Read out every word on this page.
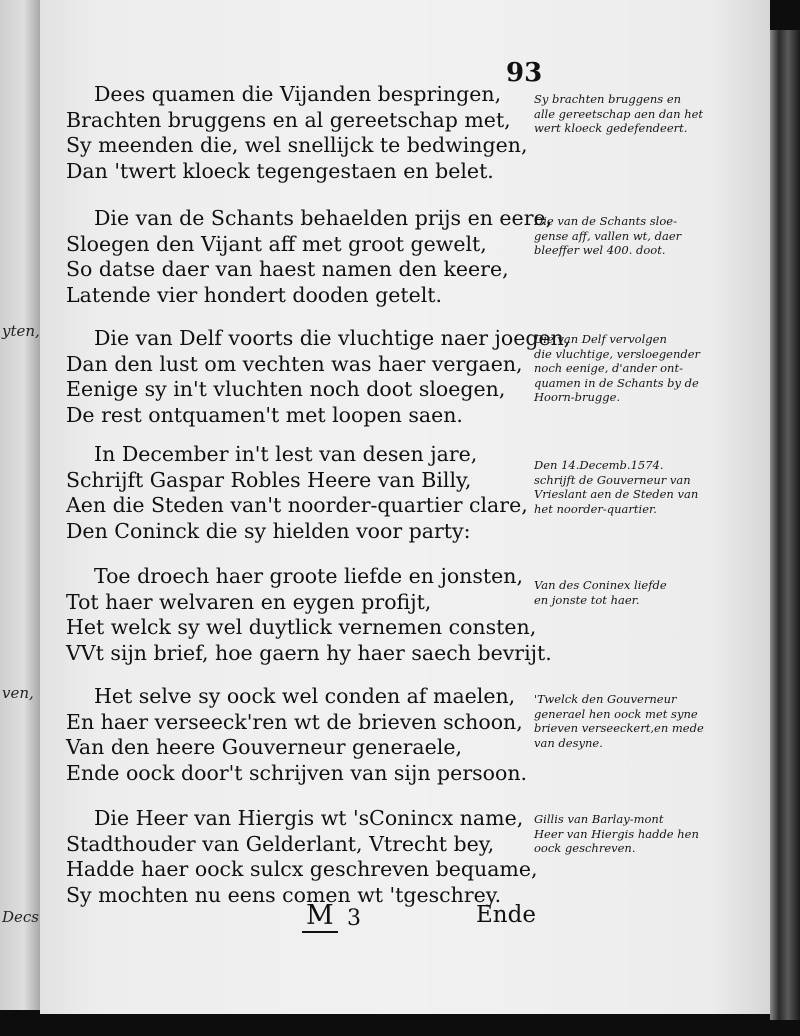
yten,
ven,
Decs
93
Dees quamen die Vijanden bespringen,
Brachten bruggens en al gereetschap met,
Sy meenden die, wel snellijck te bedwingen,
Dan 'twert kloeck tegengestaen en belet.
Sy brachten bruggens en
alle gereetschap aen dan het
wert kloeck gedefendeert.
Die van de Schants behaelden prijs en eere,
Sloegen den Vijant aff met groot gewelt,
So datse daer van haest namen den keere,
Latende vier hondert dooden getelt.
Die van de Schants sloe-
gense aff, vallen wt, daer
bleeffer wel 400. doot.
Die van Delf voorts die vluchtige naer joegen,
Dan den lust om vechten was haer vergaen,
Eenige sy in't vluchten noch doot sloegen,
De rest ontquamen't met loopen saen.
Die van Delf vervolgen
die vluchtige, versloegender
noch eenige, d'ander ont-
quamen in de Schants by de
Hoorn-brugge.
In December in't lest van desen jare,
Schrijft Gaspar Robles Heere van Billy,
Aen die Steden van't noorder-quartier clare,
Den Coninck die sy hielden voor party:
Den 14.Decemb.1574.
schrijft de Gouverneur van
Vrieslant aen de Steden van
het noorder-quartier.
Toe droech haer groote liefde en jonsten,
Tot haer welvaren en eygen profijt,
Het welck sy wel duytlick vernemen consten,
VVt sijn brief, hoe gaern hy haer saech bevrijt.
Van des Coninex liefde
en jonste tot haer.
Het selve sy oock wel conden af maelen,
En haer verseeck'ren wt de brieven schoon,
Van den heere Gouverneur generaele,
Ende oock door't schrijven van sijn persoon.
'Twelck den Gouverneur
generael hen oock met syne
brieven verseeckert,en mede
van desyne.
Die Heer van Hiergis wt 'sConincx name,
Stadthouder van Gelderlant, Vtrecht bey,
Hadde haer oock sulcx geschreven bequame,
Sy mochten nu eens comen wt 'tgeschrey.
Gillis van Barlay-mont
Heer van Hiergis hadde hen
oock geschreven.
M 3	Ende
